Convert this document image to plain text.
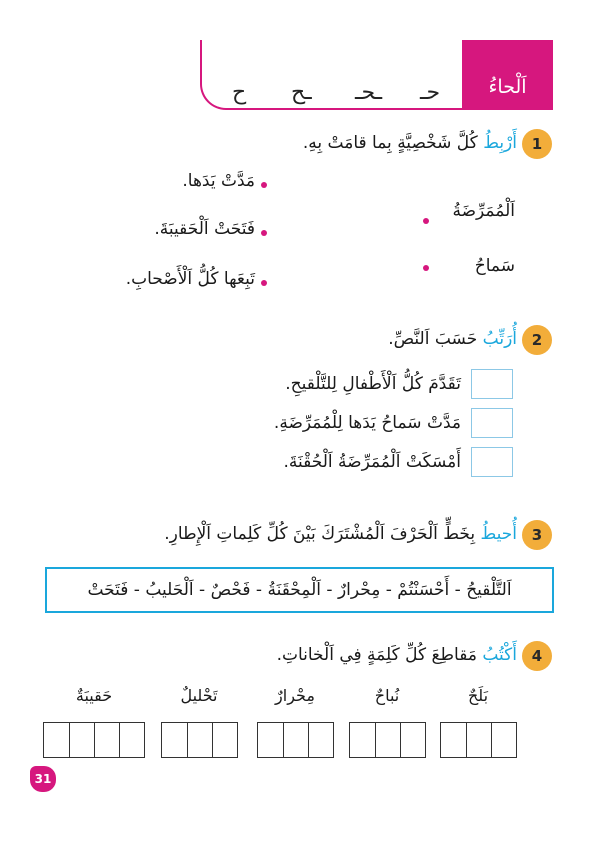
اَلْحاءُ
حـ
ـحـ
ـح
ح
1
أَرْبِطُ كُلَّ شَخْصِيَّةٍ بِما قامَتْ بِهِ.
مَدَّتْ يَدَها.
فَتَحَتْ اَلْحَقيبَةَ.
تَبِعَها كُلُّ اَلْأَصْحابِ.
اَلْمُمَرِّضَةُ
سَماحُ
2
أُرَتِّبُ حَسَبَ اَلنَّصِّ.
تَقَدَّمَ كُلُّ اَلْأَطْفالِ لِلتَّلْقيحِ.
مَدَّتْ سَماحُ يَدَها لِلْمُمَرِّضَةِ.
أَمْسَكَتْ اَلْمُمَرِّضَةُ اَلْحُقْنَةَ.
3
أُحيطُ بِخَطٍّ اَلْحَرْفَ اَلْمُشْتَرَكَ بَيْنَ كُلِّ كَلِماتِ اَلْإِطارِ.
اَلتَّلْقيحُ - أَحْسَنْتُمْ - مِحْرارٌ - اَلْمِحْقَنَةُ - فَحْصٌ - اَلْحَليبُ - فَتَحَتْ
4
أَكْتُبُ مَقاطِعَ كُلِّ كَلِمَةٍ فِي اَلْخاناتِ.
بَلَحٌ
نُباحٌ
مِحْرارٌ
تَحْليلٌ
حَقيبَةٌ
31
